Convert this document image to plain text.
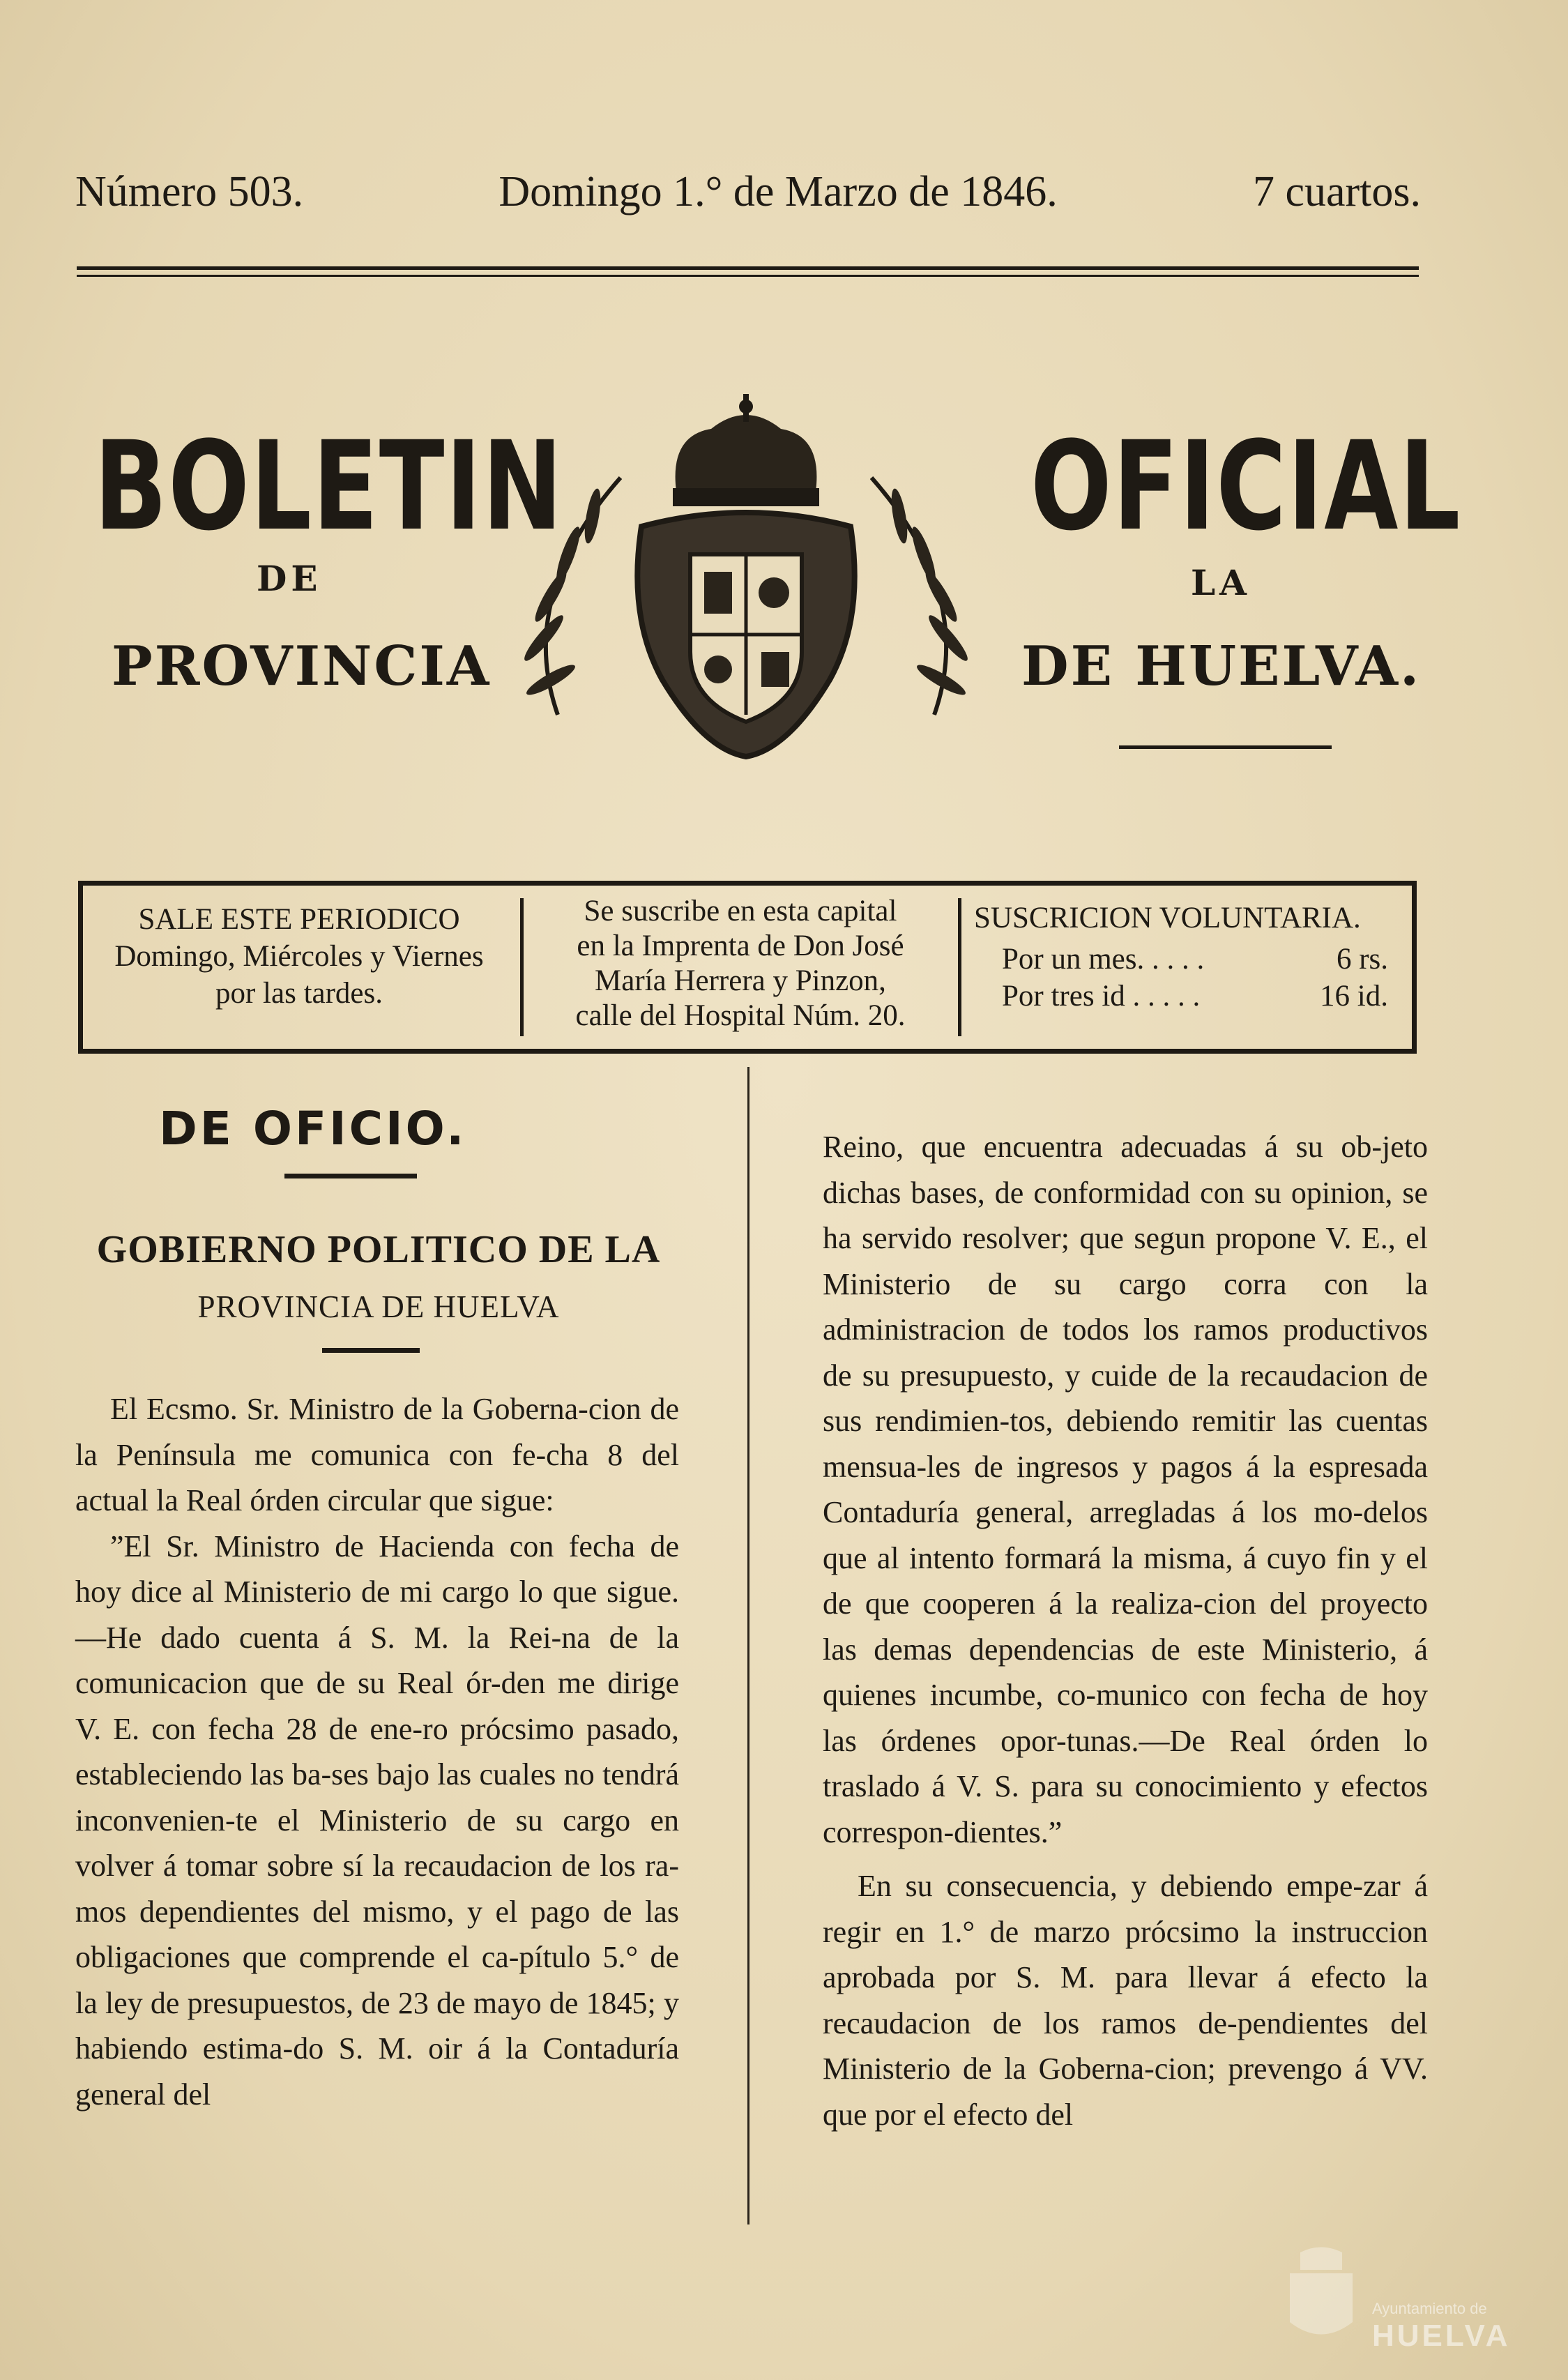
Número 503.	Domingo 1.° de Marzo de 1846.	7 cuartos.
BOLETIN	OFICIAL
DE	LA
PROVINCIA	DE HUELVA.
SALE ESTE PERIODICO
Domingo, Miércoles y Viernes
por las tardes.
Se suscribe en esta capital
en la Imprenta de Don José
María Herrera y Pinzon,
calle del Hospital Núm. 20.
SUSCRICION VOLUNTARIA.
Por un mes. . . . .	6 rs.
Por tres id . . . . .	16 id.
DE OFICIO.
GOBIERNO POLITICO DE LA
PROVINCIA DE HUELVA

El Ecsmo. Sr. Ministro de la Goberna-cion de la Península me comunica con fe-cha 8 del actual la Real órden circular que sigue:

”El Sr. Ministro de Hacienda con fecha de hoy dice al Ministerio de mi cargo lo que sigue.—He dado cuenta á S. M. la Rei-na de la comunicacion que de su Real ór-den me dirige V. E. con fecha 28 de ene-ro prócsimo pasado, estableciendo las ba-ses bajo las cuales no tendrá inconvenien-te el Ministerio de su cargo en volver á tomar sobre sí la recaudacion de los ra-mos dependientes del mismo, y el pago de las obligaciones que comprende el ca-pítulo 5.° de la ley de presupuestos, de 23 de mayo de 1845; y habiendo estima-do S. M. oir á la Contaduría general del

Reino, que encuentra adecuadas á su ob-jeto dichas bases, de conformidad con su opinion, se ha servido resolver; que segun propone V. E., el Ministerio de su cargo corra con la administracion de todos los ramos productivos de su presupuesto, y cuide de la recaudacion de sus rendimien-tos, debiendo remitir las cuentas mensua-les de ingresos y pagos á la espresada Contaduría general, arregladas á los mo-delos que al intento formará la misma, á cuyo fin y el de que cooperen á la realiza-cion del proyecto las demas dependencias de este Ministerio, á quienes incumbe, co-munico con fecha de hoy las órdenes opor-tunas.—De Real órden lo traslado á V. S. para su conocimiento y efectos correspon-dientes.”

En su consecuencia, y debiendo empe-zar á regir en 1.° de marzo prócsimo la instruccion aprobada por S. M. para llevar á efecto la recaudacion de los ramos de-pendientes del Ministerio de la Goberna-cion; prevengo á VV. que por el efecto del

Ayuntamiento de
HUELVA
